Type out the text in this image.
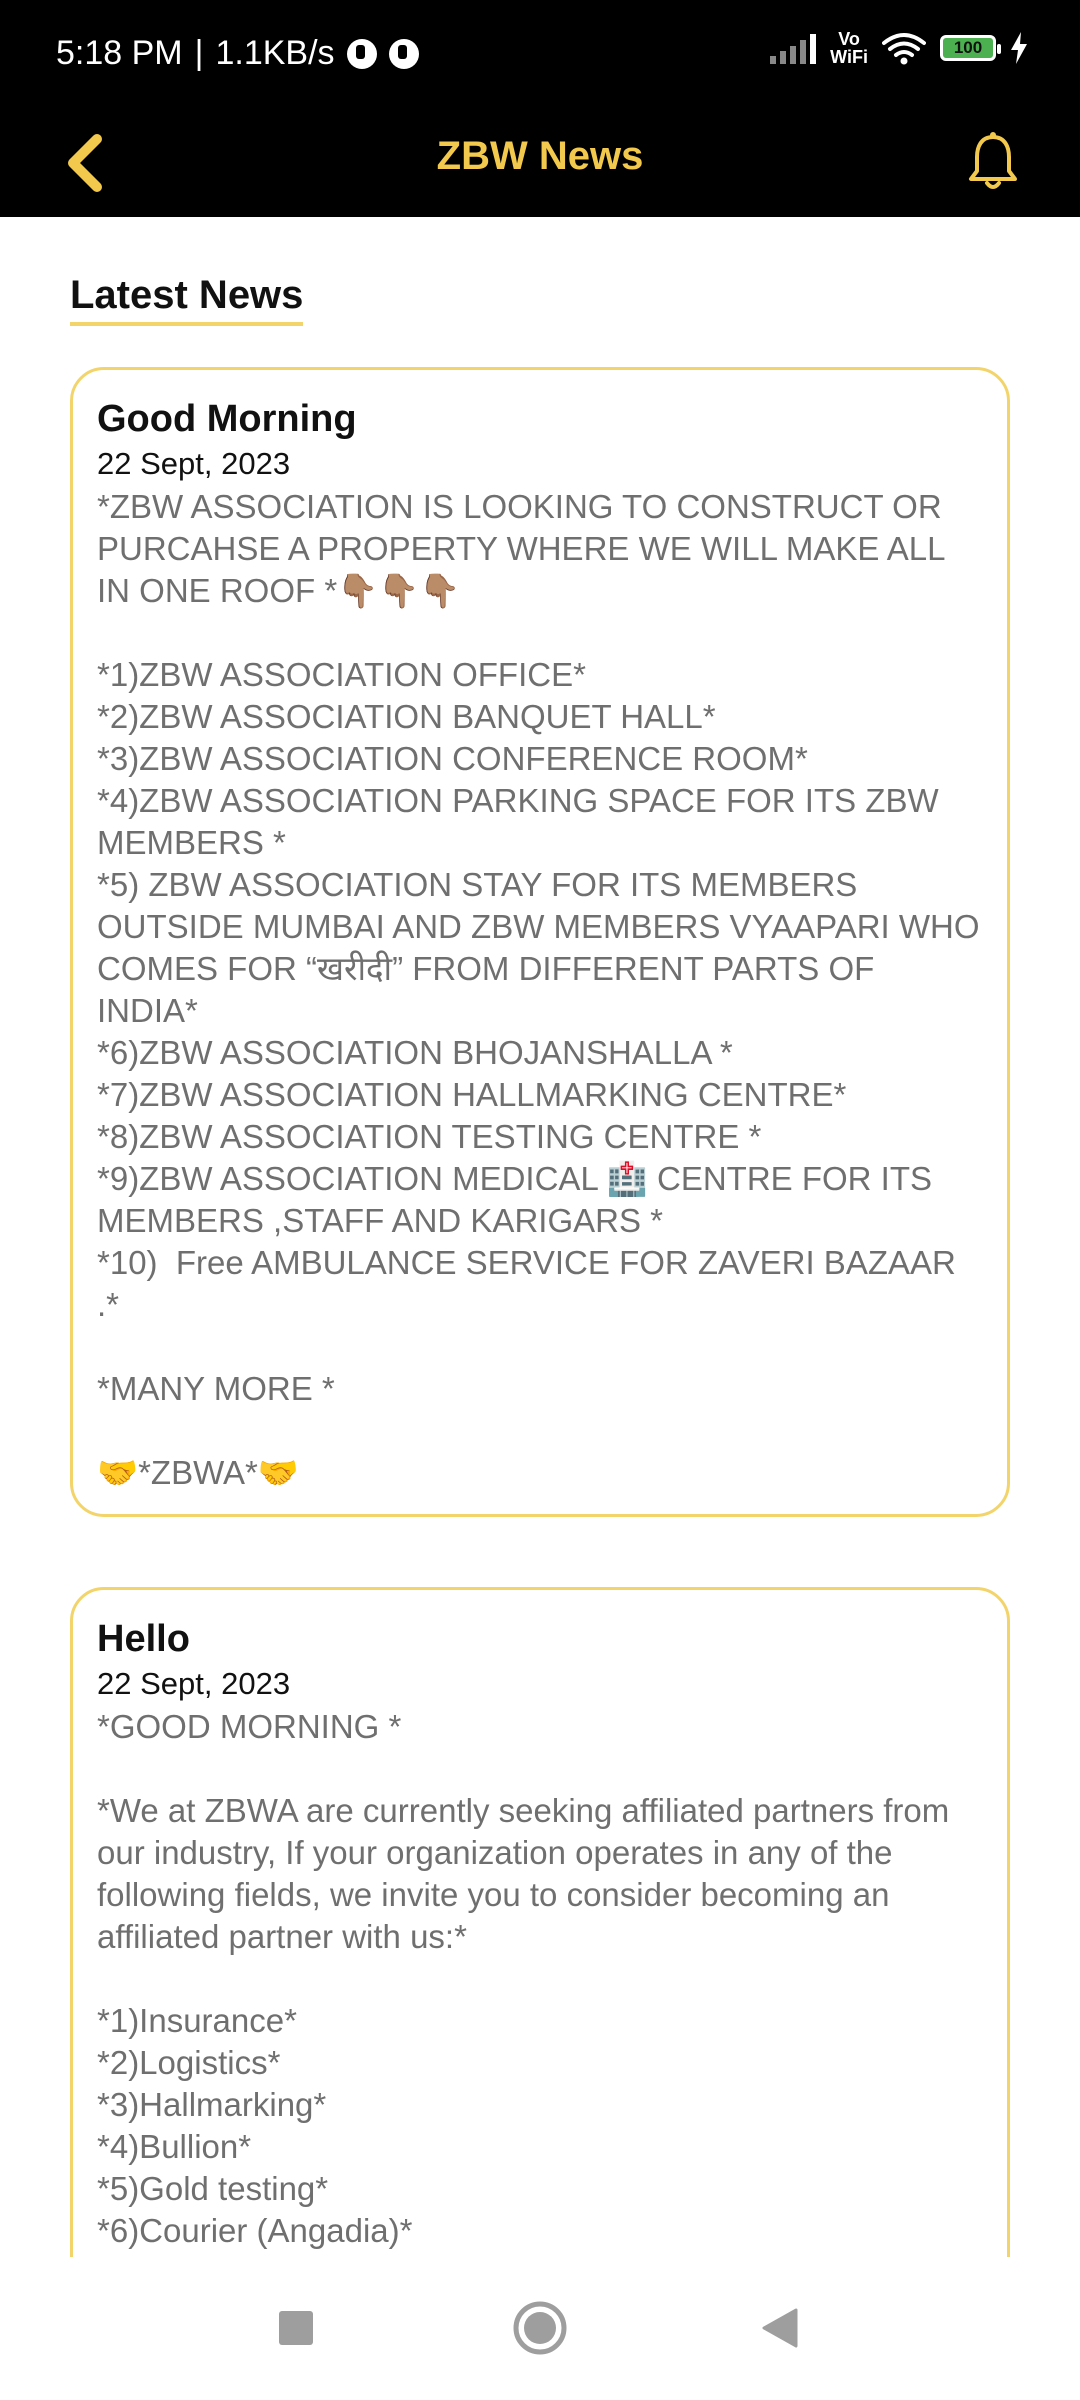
5:18 PM | 1.1KB/s	Vo
WiFi	100
ZBW News
Latest News
Good Morning
22 Sept, 2023
*ZBW ASSOCIATION IS LOOKING TO CONSTRUCT OR PURCAHSE A PROPERTY WHERE WE WILL MAKE ALL IN ONE ROOF *👇🏽👇🏽👇🏽

*1)ZBW ASSOCIATION OFFICE*
*2)ZBW ASSOCIATION BANQUET HALL*
*3)ZBW ASSOCIATION CONFERENCE ROOM*
*4)ZBW ASSOCIATION PARKING SPACE FOR ITS ZBW MEMBERS *
*5) ZBW ASSOCIATION STAY FOR ITS MEMBERS OUTSIDE MUMBAI AND ZBW MEMBERS VYAAPARI WHO COMES FOR “खरीदी” FROM DIFFERENT PARTS OF INDIA*
*6)ZBW ASSOCIATION BHOJANSHALLA *
*7)ZBW ASSOCIATION HALLMARKING CENTRE*
*8)ZBW ASSOCIATION TESTING CENTRE *
*9)ZBW ASSOCIATION MEDICAL 🏥 CENTRE FOR ITS MEMBERS ,STAFF AND KARIGARS *
*10)  Free AMBULANCE SERVICE FOR ZAVERI BAZAAR .*

*MANY MORE *

🤝*ZBWA*🤝
Hello
22 Sept, 2023
*GOOD MORNING *

*We at ZBWA are currently seeking affiliated partners from our industry, If your organization operates in any of the following fields, we invite you to consider becoming an affiliated partner with us:*

*1)Insurance*
*2)Logistics*
*3)Hallmarking*
*4)Bullion*
*5)Gold testing*
*6)Courier (Angadia)*
